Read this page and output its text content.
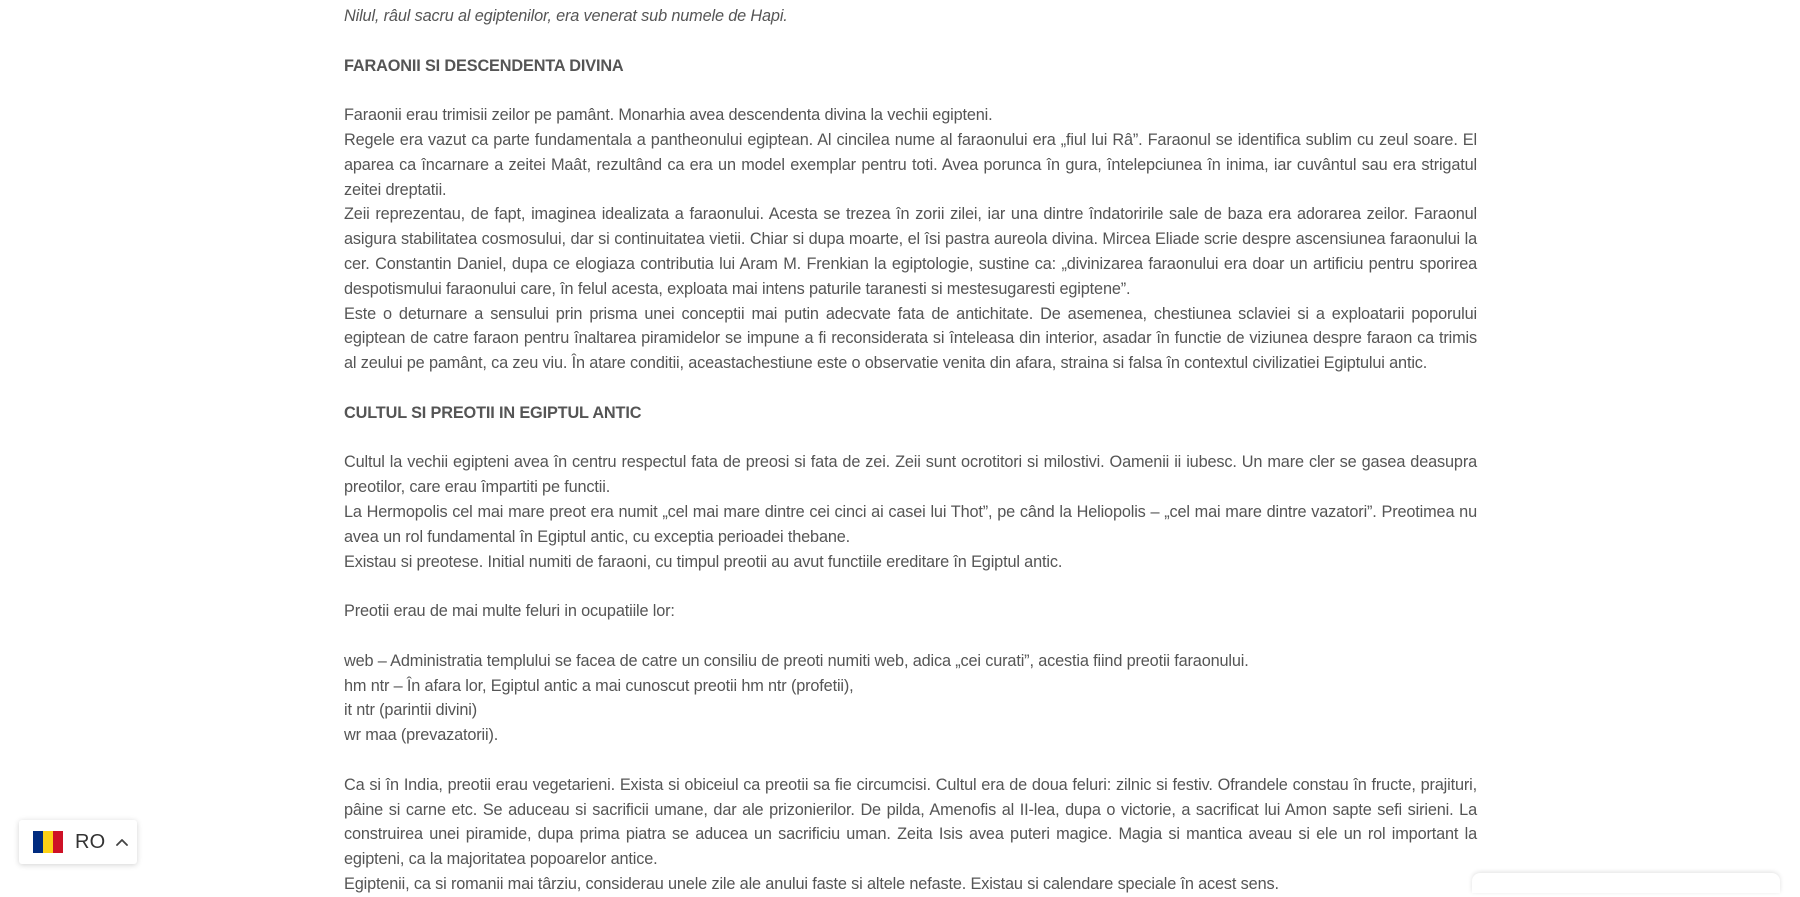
Nilul, râul sacru al egiptenilor, era venerat sub numele de Hapi.

FARAONII SI DESCENDENTA DIVINA

Faraonii erau trimisii zeilor pe pamânt. Monarhia avea descendenta divina la vechii egipteni.

Regele era vazut ca parte fundamentala a pantheonului egiptean. Al cincilea nume al faraonului era „fiul lui Râ”. Faraonul se identifica sublim cu zeul soare. El aparea ca încarnare a zeitei Maât, rezultând ca era un model exemplar pentru toti. Avea porunca în gura, întelepciunea în inima, iar cuvântul sau era strigatul zeitei dreptatii.

Zeii reprezentau, de fapt, imaginea idealizata a faraonului. Acesta se trezea în zorii zilei, iar una dintre îndatoririle sale de baza era adorarea zeilor. Faraonul asigura stabilitatea cosmosului, dar si continuitatea vietii. Chiar si dupa moarte, el îsi pastra aureola divina. Mircea Eliade scrie despre ascensiunea faraonului la cer. Constantin Daniel, dupa ce elogiaza contributia lui Aram M. Frenkian la egiptologie, sustine ca: „divinizarea faraonului era doar un artificiu pentru sporirea despotismului faraonului care, în felul acesta, exploata mai intens paturile taranesti si mestesugaresti egiptene”.

Este o deturnare a sensului prin prisma unei conceptii mai putin adecvate fata de antichitate. De asemenea, chestiunea sclaviei si a exploatarii poporului egiptean de catre faraon pentru înaltarea piramidelor se impune a fi reconsiderata si înteleasa din interior, asadar în functie de viziunea despre faraon ca trimis al zeului pe pamânt, ca zeu viu. În atare conditii, aceastachestiune este o observatie venita din afara, straina si falsa în contextul civilizatiei Egiptului antic.

CULTUL SI PREOTII IN EGIPTUL ANTIC

Cultul la vechii egipteni avea în centru respectul fata de preosi si fata de zei. Zeii sunt ocrotitori si milostivi. Oamenii ii iubesc. Un mare cler se gasea deasupra preotilor, care erau împartiti pe functii.

La Hermopolis cel mai mare preot era numit „cel mai mare dintre cei cinci ai casei lui Thot”, pe când la Heliopolis – „cel mai mare dintre vazatori”. Preotimea nu avea un rol fundamental în Egiptul antic, cu exceptia perioadei thebane.

Existau si preotese. Initial numiti de faraoni, cu timpul preotii au avut functiile ereditare în Egiptul antic.

Preotii erau de mai multe feluri in ocupatiile lor:

web – Administratia templului se facea de catre un consiliu de preoti numiti web, adica „cei curati”, acestia fiind preotii faraonului.

hm ntr – În afara lor, Egiptul antic a mai cunoscut preotii hm ntr (profetii),

it ntr (parintii divini)

wr maa (prevazatorii).

Ca si în India, preotii erau vegetarieni. Exista si obiceiul ca preotii sa fie circumcisi. Cultul era de doua feluri: zilnic si festiv. Ofrandele constau în fructe, prajituri, pâine si carne etc. Se aduceau si sacrificii umane, dar ale prizonierilor. De pilda, Amenofis al II-lea, dupa o victorie, a sacrificat lui Amon sapte sefi sirieni. La construirea unei piramide, dupa prima piatra se aducea un sacrificiu uman. Zeita Isis avea puteri magice. Magia si mantica aveau si ele un rol important la egipteni, ca la majoritatea popoarelor antice.

Egiptenii, ca si romanii mai târziu, considerau unele zile ale anului faste si altele nefaste. Existau si calendare speciale în acest sens.

RO
